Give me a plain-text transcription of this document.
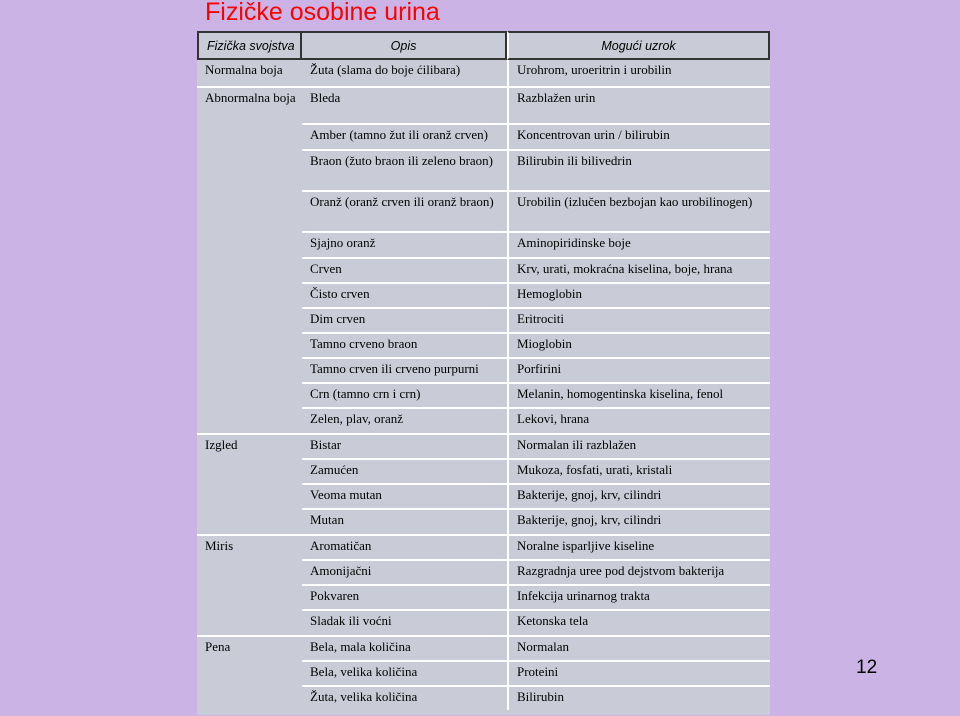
Fizičke osobine urina
Fizička svojstva	Opis	Mogući uzrok
Normalna boja	Žuta (slama do boje ćilibara)	Urohrom, uroeritrin i urobilin
Abnormalna boja	Bleda	Razblažen urin
	Amber (tamno žut ili oranž crven)	Koncentrovan urin / bilirubin
	Braon (žuto braon ili zeleno braon)	Bilirubin ili bilivedrin
	Oranž (oranž crven ili oranž braon)	Urobilin (izlučen bezbojan kao urobilinogen)
	Sjajno oranž	Aminopiridinske boje
	Crven	Krv, urati, mokraćna kiselina, boje, hrana
	Čisto crven	Hemoglobin
	Dim crven	Eritrociti
	Tamno crveno braon	Mioglobin
	Tamno crven ili crveno purpurni	Porfirini
	Crn (tamno crn i crn)	Melanin, homogentinska kiselina, fenol
	Zelen, plav, oranž	Lekovi, hrana
Izgled	Bistar	Normalan ili razblažen
	Zamućen	Mukoza, fosfati, urati, kristali
	Veoma mutan	Bakterije, gnoj, krv, cilindri
	Mutan	Bakterije, gnoj, krv, cilindri
Miris	Aromatičan	Noralne isparljive kiseline
	Amonijačni	Razgradnja uree pod dejstvom bakterija
	Pokvaren	Infekcija urinarnog trakta
	Sladak ili voćni	Ketonska tela
Pena	Bela, mala količina	Normalan
	Bela, velika količina	Proteini
	Žuta, velika količina	Bilirubin
12
